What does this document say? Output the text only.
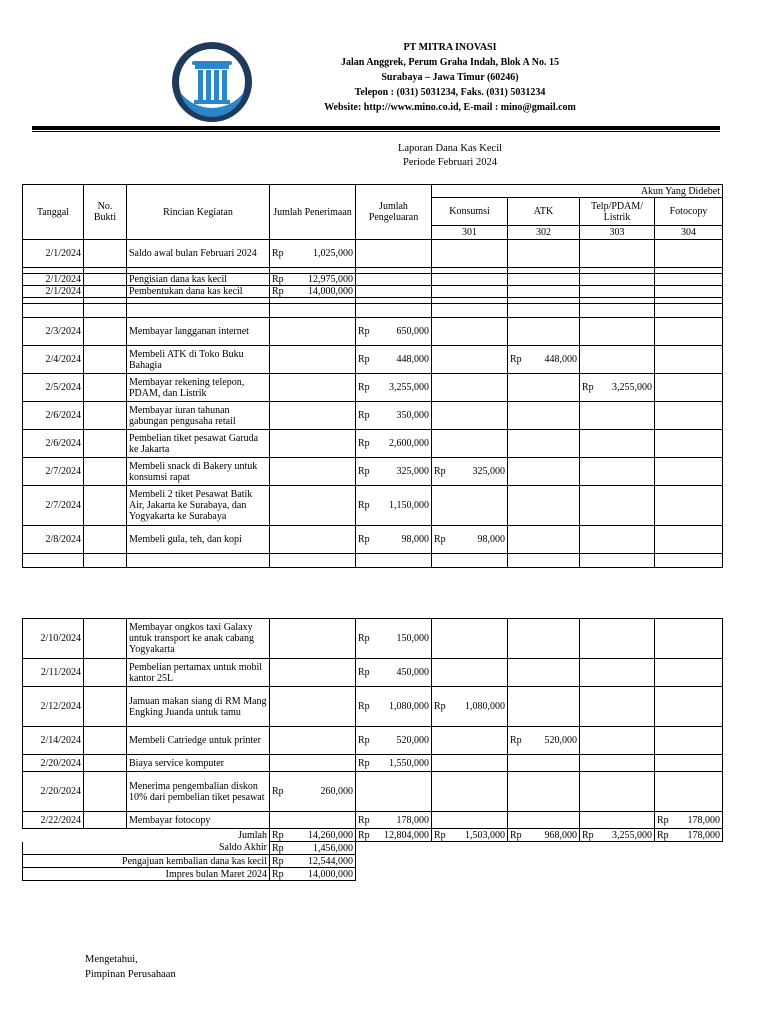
PT MITRA INOVASI
Jalan Anggrek, Perum Graha Indah, Blok A No. 15
Surabaya – Jawa Timur (60246)
Telepon : (031) 5031234, Faks. (031) 5031234
Website: http://www.mino.co.id, E-mail : mino@gmail.com
Laporan Dana Kas Kecil
Periode Februari 2024
Tanggal	No. Bukti	Rincian Kegiatan	Jumlah Penerimaan	Jumlah Pengeluaran	Akun Yang Didebet			
					Konsumsi	ATK	Telp/PDAM/ Listrik	Fotocopy
					301	302	303	304
2/1/2024		Saldo awal bulan Februari 2024	Rp 1,025,000					

2/1/2024		Pengisian dana kas kecil	Rp 12,975,000					

2/1/2024		Pembentukan dana kas kecil	Rp 14,000,000					

2/3/2024		Membayar langganan internet		Rp 650,000				

2/4/2024		Membeli ATK di Toko Buku Bahagia		Rp 448,000		Rp 448,000		

2/5/2024		Membayar rekening telepon, PDAM, dan Listrik		Rp 3,255,000			Rp 3,255,000	

2/6/2024		Membayar iuran tahunan gabungan pengusaha retail		Rp 350,000				

2/6/2024		Pembelian tiket pesawat Garuda ke Jakarta		Rp 2,600,000				

2/7/2024		Membeli snack di Bakery untuk konsumsi rapat		Rp 325,000	Rp 325,000			

2/7/2024		Membeli 2 tiket Pesawat Batik Air, Jakarta ke Surabaya, dan Yogyakarta ke Surabaya		Rp 1,150,000				

2/8/2024		Membeli gula, teh, dan kopi		Rp 98,000	Rp 98,000			

2/10/2024		Membayar ongkos taxi Galaxy untuk transport ke anak cabang Yogyakarta		Rp 150,000				

2/11/2024		Pembelian pertamax untuk mobil kantor 25L		Rp 450,000				

2/12/2024		Jamuan makan siang di RM Mang Engking Juanda untuk tamu		Rp 1,080,000	Rp 1,080,000			

2/14/2024		Membeli Catriedge untuk printer		Rp 520,000		Rp 520,000		

2/20/2024		Biaya service komputer		Rp 1,550,000				

2/20/2024		Menerima pengembalian diskon 10% dari pembelian tiket pesawat	Rp 260,000					

2/22/2024		Membayar fotocopy		Rp 178,000				Rp 178,000

Jumlah			Rp 14,260,000	Rp 12,804,000	Rp 1,503,000	Rp 968,000	Rp 3,255,000	Rp 178,000

Saldo Akhir			Rp 1,456,000					

Pengajuan kembalian dana kas kecil			Rp 12,544,000					

Impres bulan Maret 2024			Rp 14,000,000					

Mengetahui,
Pimpinan Perusahaan
